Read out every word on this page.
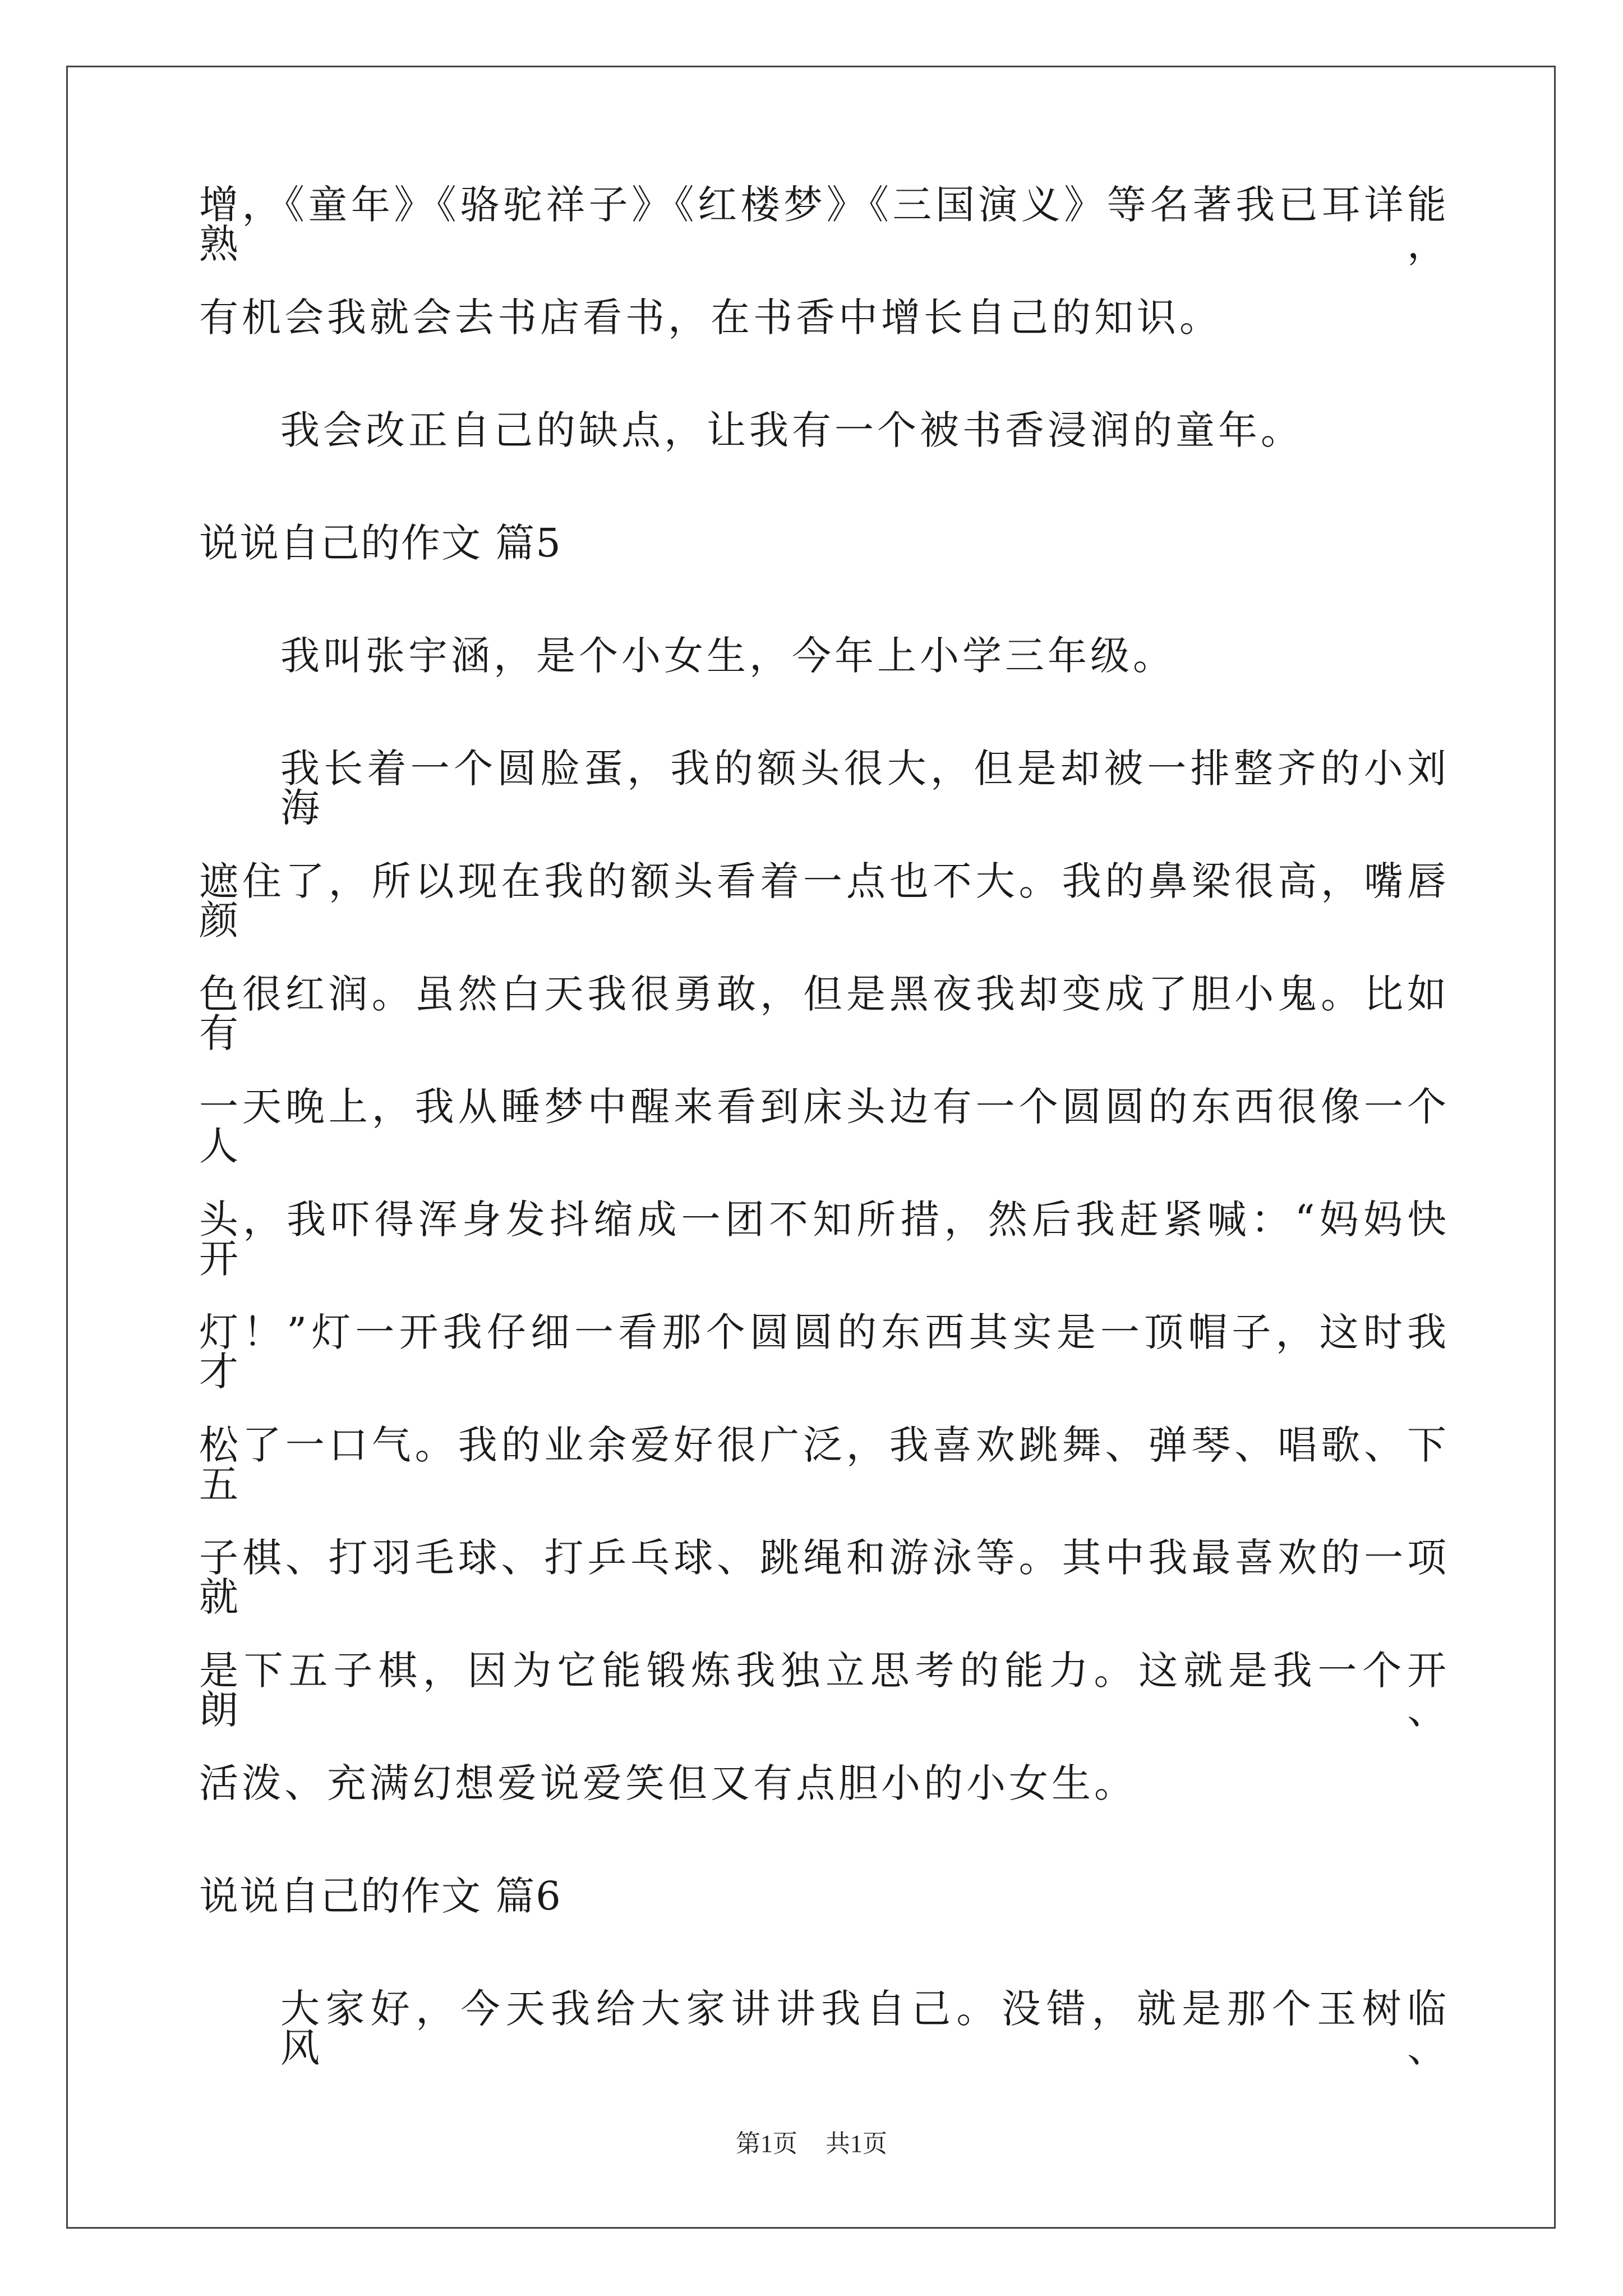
增，《童年》《骆驼祥子》《红楼梦》《三国演义》等名著我已耳详能熟，
有机会我就会去书店看书，在书香中增长自己的知识。
我会改正自己的缺点，让我有一个被书香浸润的童年。
说说自己的作文 篇5
我叫张宇涵，是个小女生，今年上小学三年级。
我长着一个圆脸蛋，我的额头很大，但是却被一排整齐的小刘海
遮住了，所以现在我的额头看着一点也不大。我的鼻梁很高，嘴唇颜
色很红润。虽然白天我很勇敢，但是黑夜我却变成了胆小鬼。比如有
一天晚上，我从睡梦中醒来看到床头边有一个圆圆的东西很像一个人
头，我吓得浑身发抖缩成一团不知所措，然后我赶紧喊：“妈妈快开
灯！”灯一开我仔细一看那个圆圆的东西其实是一顶帽子，这时我才
松了一口气。我的业余爱好很广泛，我喜欢跳舞、弹琴、唱歌、下五
子棋、打羽毛球、打乒乓球、跳绳和游泳等。其中我最喜欢的一项就
是下五子棋，因为它能锻炼我独立思考的能力。这就是我一个开朗、
活泼、充满幻想爱说爱笑但又有点胆小的小女生。
说说自己的作文 篇6
大家好，今天我给大家讲讲我自己。没错，就是那个玉树临风、
第1页 共1页
